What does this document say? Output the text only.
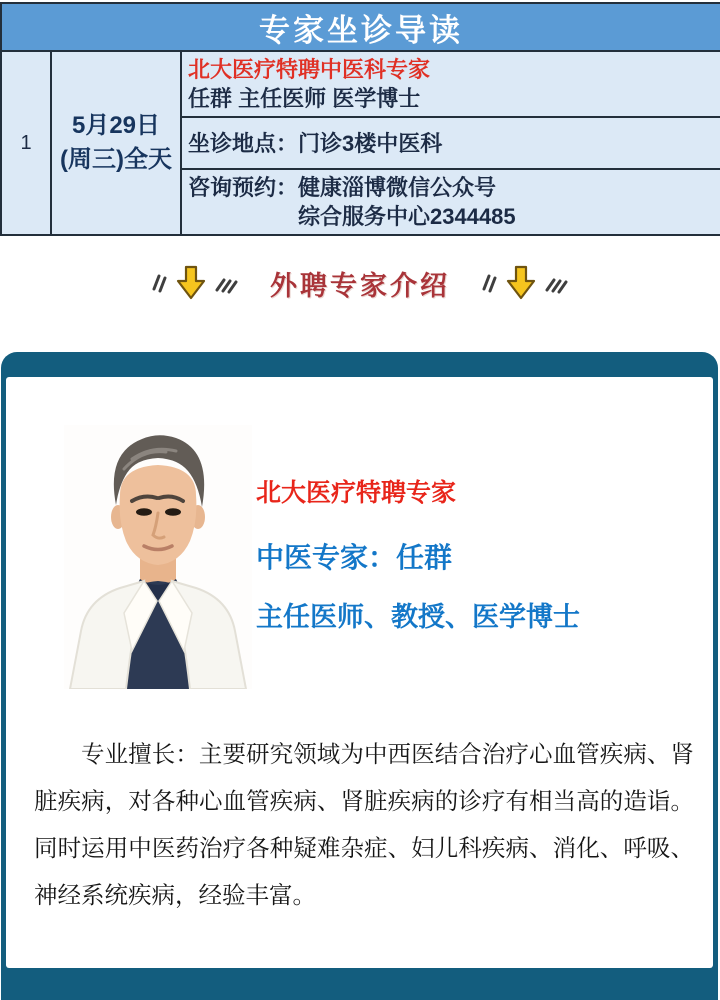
专家坐诊导读
1
5月29日
(周三)全天
北大医疗特聘中医科专家
任群 主任医师 医学博士
坐诊地点：门诊3楼中医科
咨询预约：健康淄博微信公众号
综合服务中心2344485
外聘专家介绍

北大医疗特聘专家

中医专家：任群

主任医师、教授、医学博士

专业擅长：主要研究领域为中西医结合治疗心血管疾病、肾脏疾病，对各种心血管疾病、肾脏疾病的诊疗有相当高的造诣。同时运用中医药治疗各种疑难杂症、妇儿科疾病、消化、呼吸、神经系统疾病，经验丰富。
